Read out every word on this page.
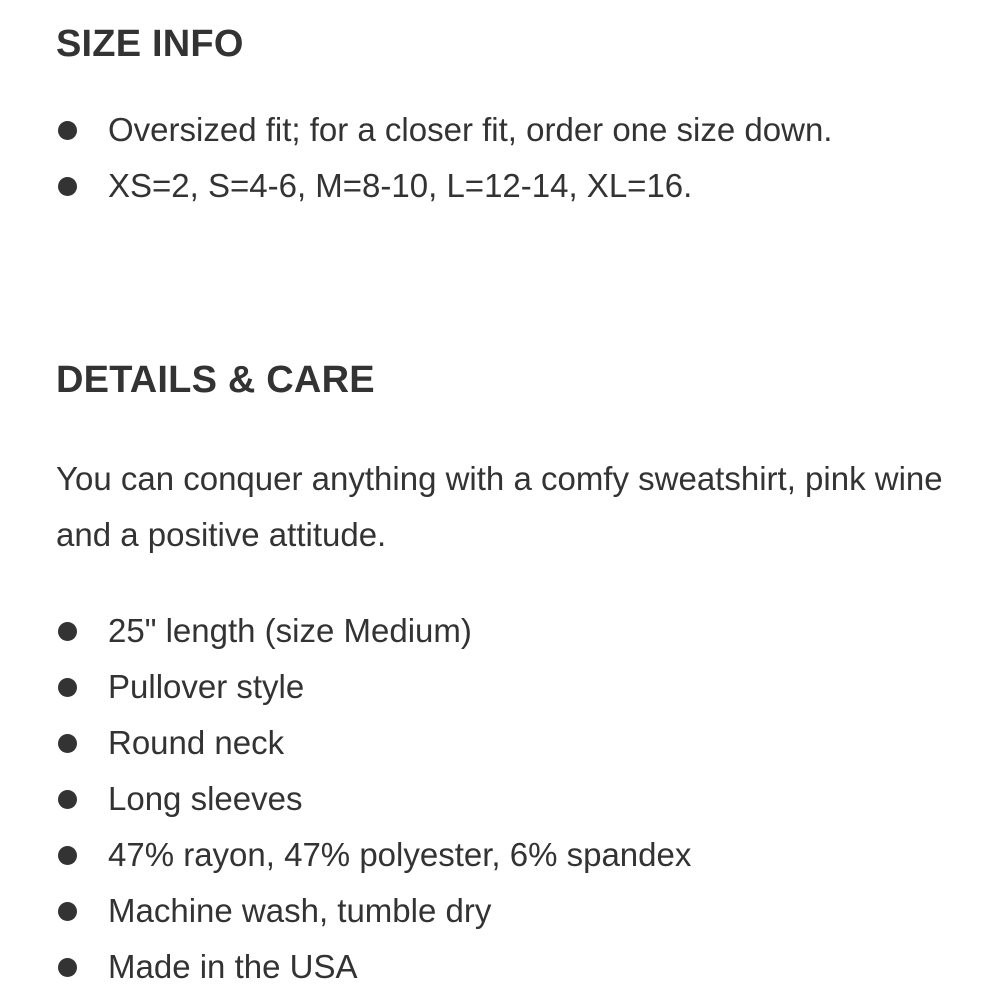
SIZE INFO
Oversized fit; for a closer fit, order one size down.
XS=2, S=4-6, M=8-10, L=12-14, XL=16.
DETAILS & CARE

You can conquer anything with a comfy sweatshirt, pink wine and a positive attitude.

25" length (size Medium)
Pullover style
Round neck
Long sleeves
47% rayon, 47% polyester, 6% spandex
Machine wash, tumble dry
Made in the USA
